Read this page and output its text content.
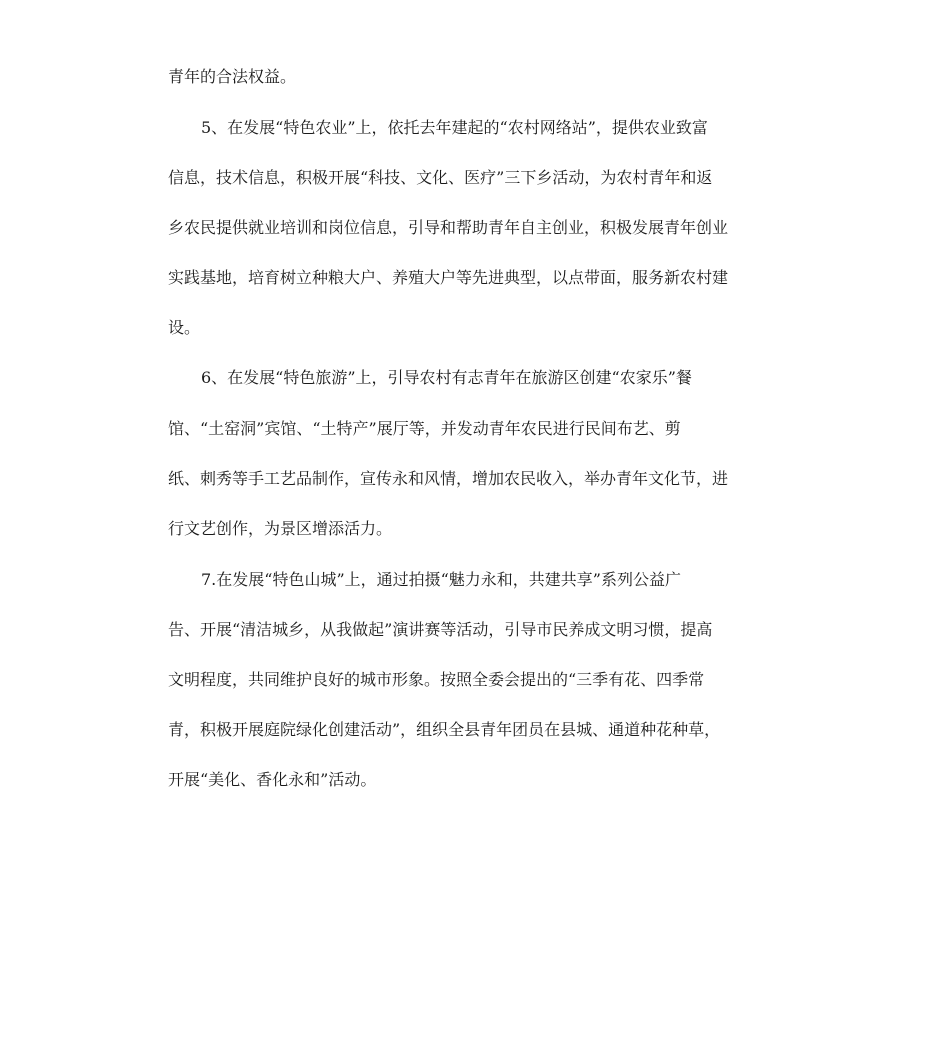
青年的合法权益。

5、在发展“特色农业”上，依托去年建起的“农村网络站”，提供农业致富

信息，技术信息，积极开展“科技、文化、医疗”三下乡活动，为农村青年和返

乡农民提供就业培训和岗位信息，引导和帮助青年自主创业，积极发展青年创业

实践基地，培育树立种粮大户、养殖大户等先进典型，以点带面，服务新农村建

设。

6、在发展“特色旅游”上，引导农村有志青年在旅游区创建“农家乐”餐

馆、“土窑洞”宾馆、“土特产”展厅等，并发动青年农民进行民间布艺、剪

纸、刺秀等手工艺品制作，宣传永和风情，增加农民收入，举办青年文化节，进

行文艺创作，为景区增添活力。

7.在发展“特色山城”上，通过拍摄“魅力永和，共建共享”系列公益广

告、开展“清洁城乡，从我做起”演讲赛等活动，引导市民养成文明习惯，提高

文明程度，共同维护良好的城市形象。按照全委会提出的“三季有花、四季常

青，积极开展庭院绿化创建活动”，组织全县青年团员在县城、通道种花种草，

开展“美化、香化永和”活动。
